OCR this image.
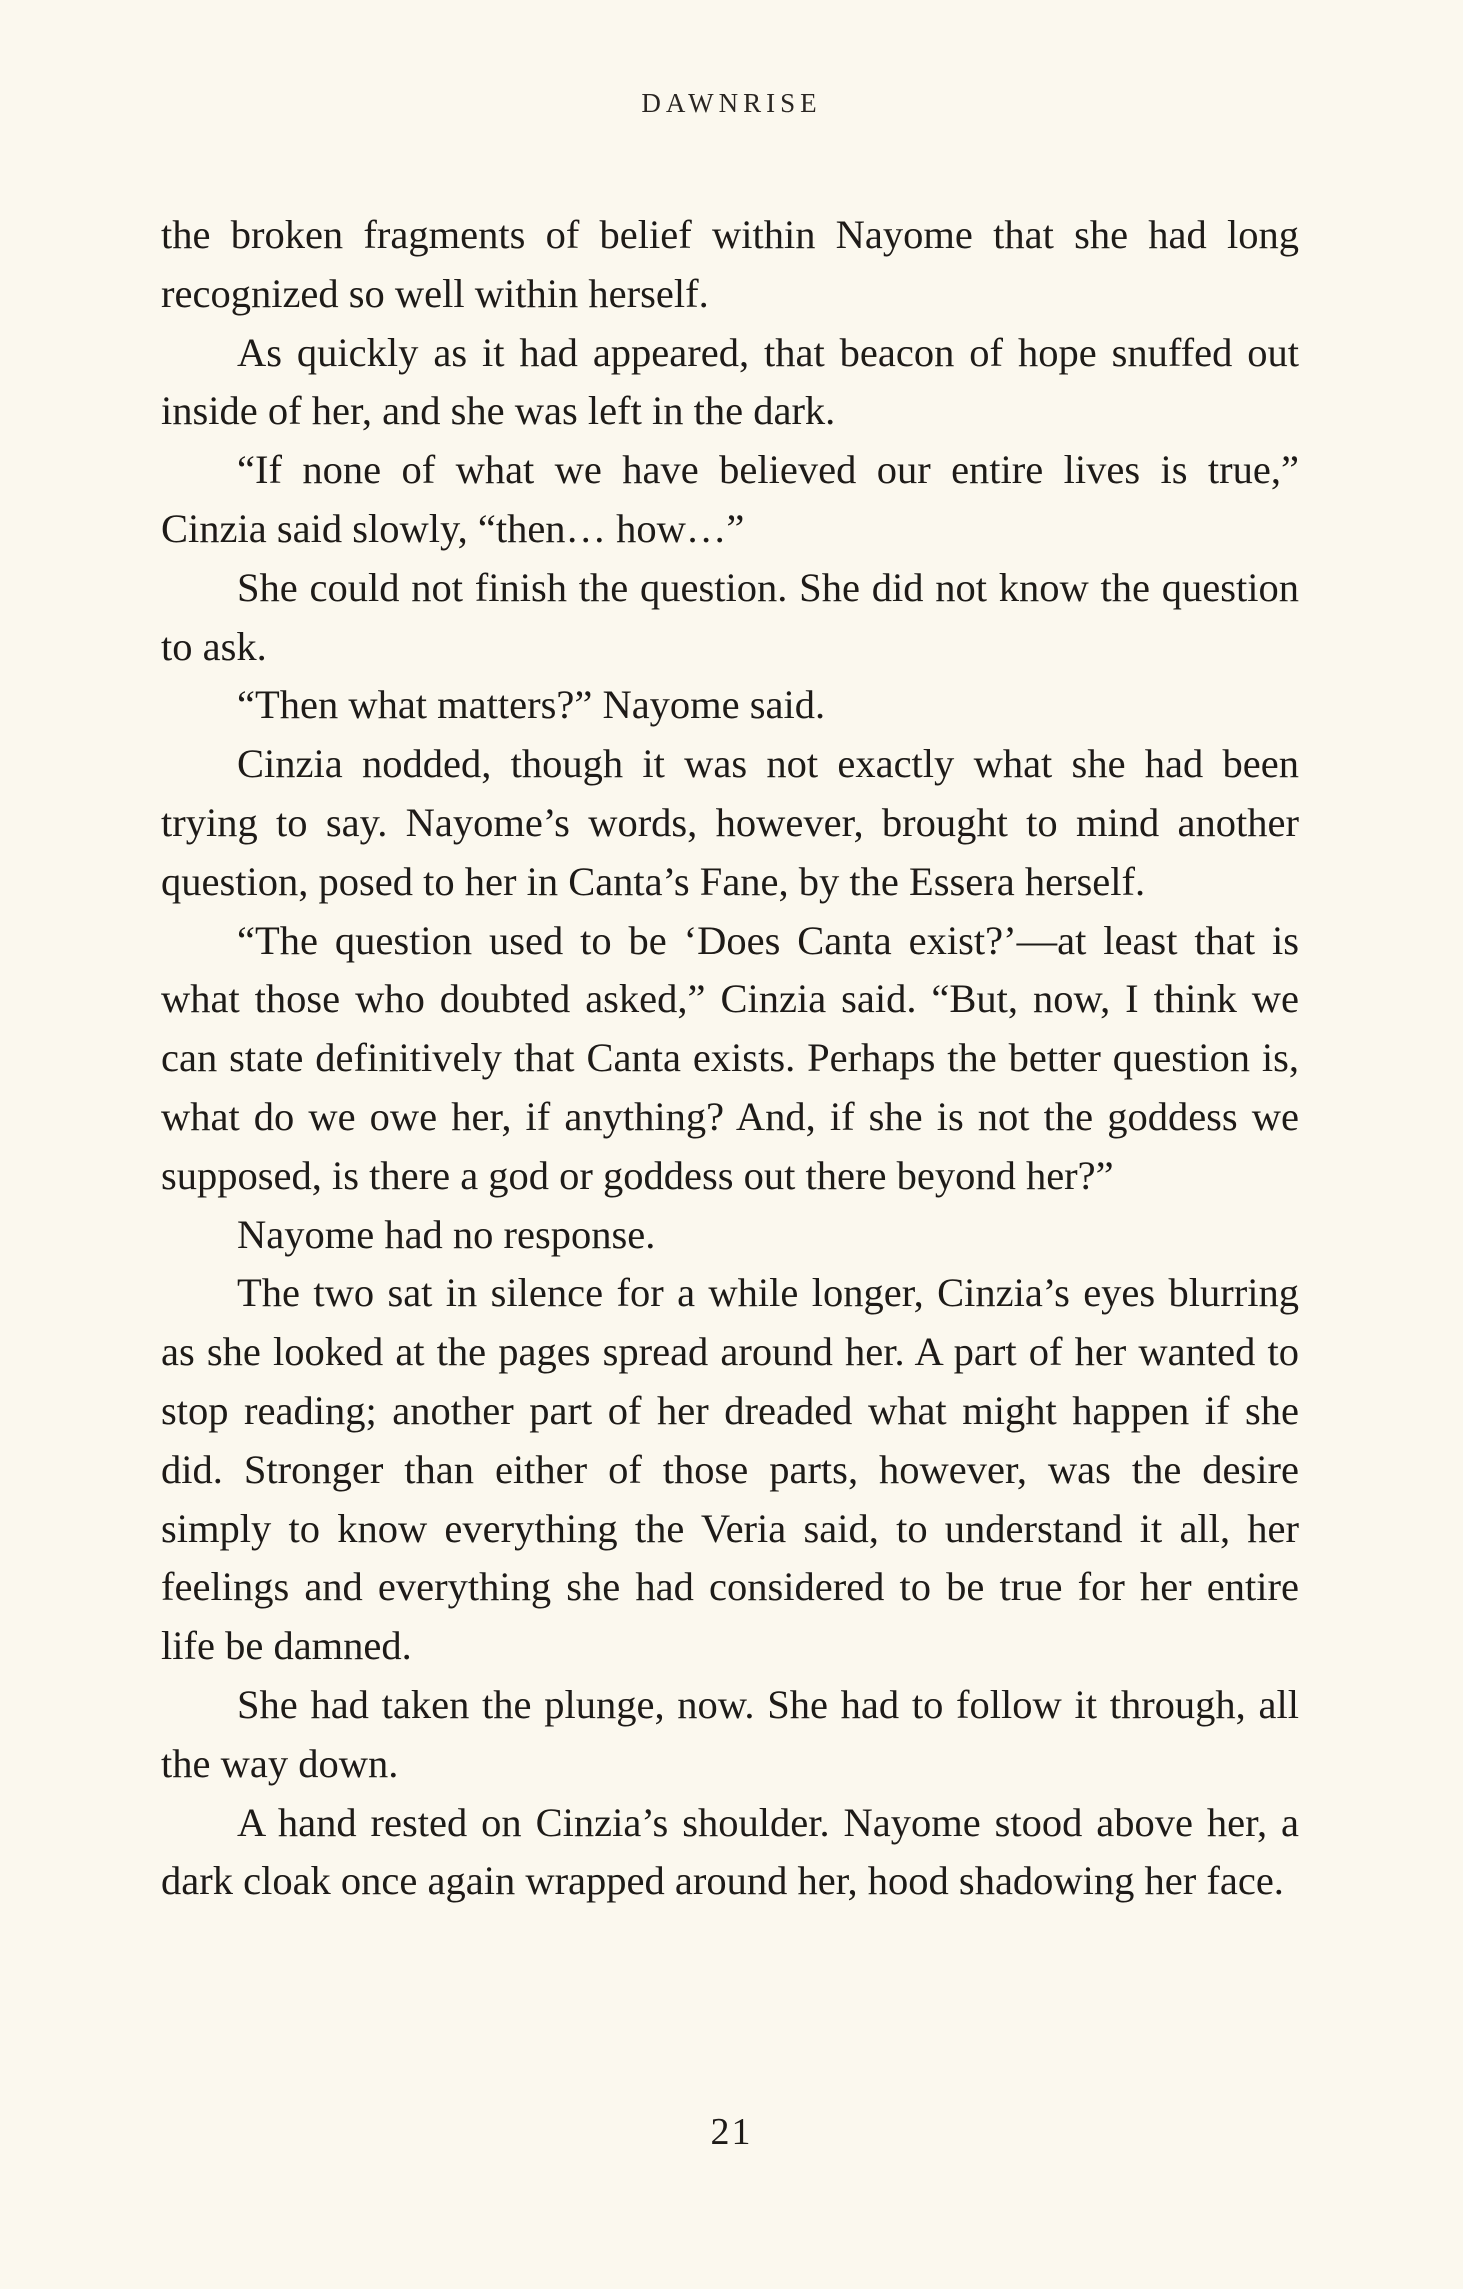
DAWNRISE

the broken fragments of belief within Nayome that she had long recognized so well within herself.

As quickly as it had appeared, that beacon of hope snuffed out inside of her, and she was left in the dark.

“If none of what we have believed our entire lives is true,” Cinzia said slowly, “then… how…”

She could not finish the question. She did not know the question to ask.

“Then what matters?” Nayome said.

Cinzia nodded, though it was not exactly what she had been trying to say. Nayome’s words, however, brought to mind another question, posed to her in Canta’s Fane, by the Essera herself.

“The question used to be ‘Does Canta exist?’—at least that is what those who doubted asked,” Cinzia said. “But, now, I think we can state definitively that Canta exists. Perhaps the better question is, what do we owe her, if anything? And, if she is not the goddess we supposed, is there a god or goddess out there beyond her?”

Nayome had no response.

The two sat in silence for a while longer, Cinzia’s eyes blurring as she looked at the pages spread around her. A part of her wanted to stop reading; another part of her dreaded what might happen if she did. Stronger than either of those parts, however, was the desire simply to know everything the Veria said, to understand it all, her feelings and everything she had considered to be true for her entire life be damned.

She had taken the plunge, now. She had to follow it through, all the way down.

A hand rested on Cinzia’s shoulder. Nayome stood above her, a dark cloak once again wrapped around her, hood shadowing her face.

21
